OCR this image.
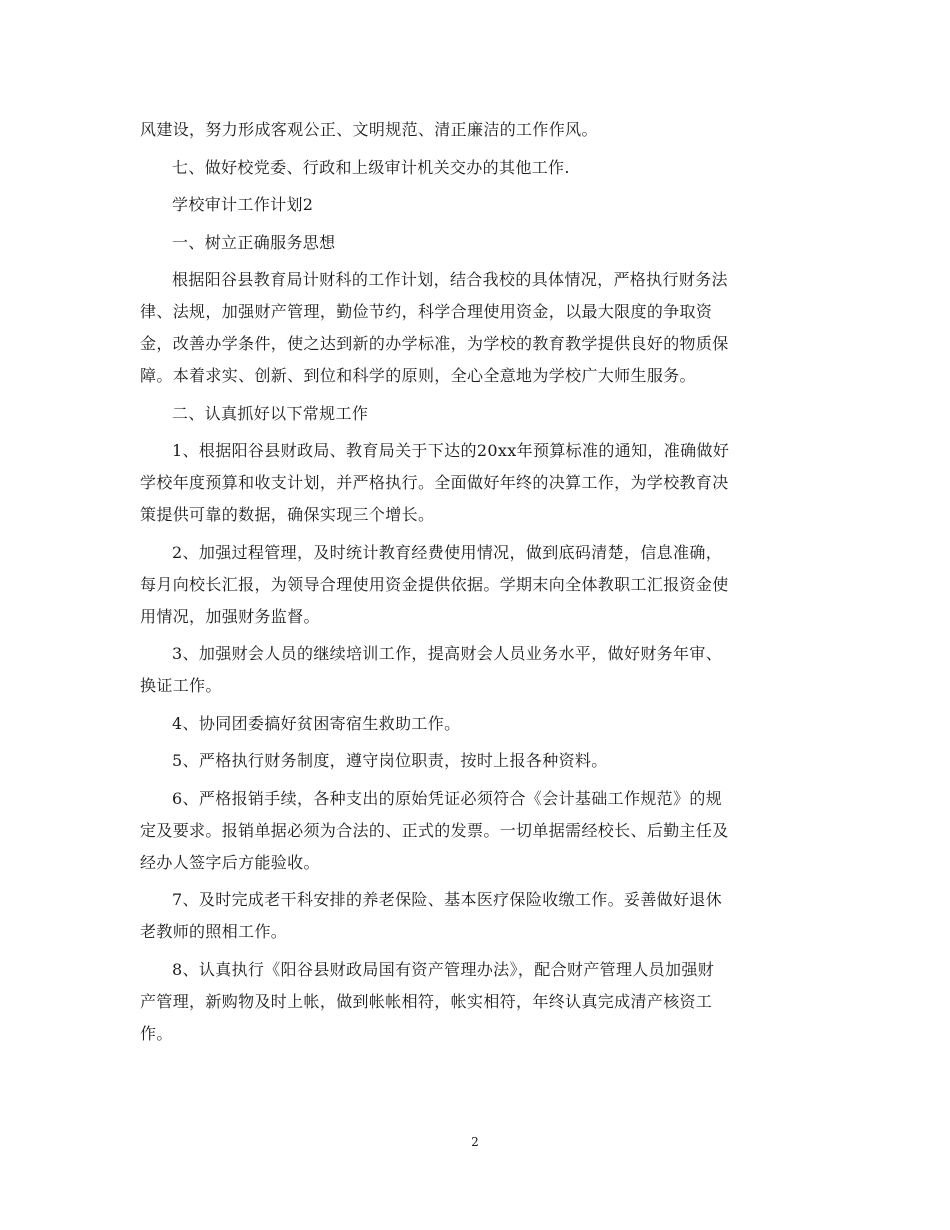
风建设，努力形成客观公正、文明规范、清正廉洁的工作作风。

七、做好校党委、行政和上级审计机关交办的其他工作.

学校审计工作计划2

一、树立正确服务思想

根据阳谷县教育局计财科的工作计划，结合我校的具体情况，严格执行财务法
律、法规，加强财产管理，勤俭节约，科学合理使用资金，以最大限度的争取资
金，改善办学条件，使之达到新的办学标准，为学校的教育教学提供良好的物质保
障。本着求实、创新、到位和科学的原则，全心全意地为学校广大师生服务。

二、认真抓好以下常规工作

1、根据阳谷县财政局、教育局关于下达的20xx年预算标准的通知，准确做好
学校年度预算和收支计划，并严格执行。全面做好年终的决算工作，为学校教育决
策提供可靠的数据，确保实现三个增长。

2、加强过程管理，及时统计教育经费使用情况，做到底码清楚，信息准确，
每月向校长汇报，为领导合理使用资金提供依据。学期末向全体教职工汇报资金使
用情况，加强财务监督。

3、加强财会人员的继续培训工作，提高财会人员业务水平，做好财务年审、
换证工作。

4、协同团委搞好贫困寄宿生救助工作。

5、严格执行财务制度，遵守岗位职责，按时上报各种资料。

6、严格报销手续，各种支出的原始凭证必须符合《会计基础工作规范》的规
定及要求。报销单据必须为合法的、正式的发票。一切单据需经校长、后勤主任及
经办人签字后方能验收。

7、及时完成老干科安排的养老保险、基本医疗保险收缴工作。妥善做好退休
老教师的照相工作。

8、认真执行《阳谷县财政局国有资产管理办法》，配合财产管理人员加强财
产管理，新购物及时上帐，做到帐帐相符，帐实相符，年终认真完成清产核资工
作。

2
